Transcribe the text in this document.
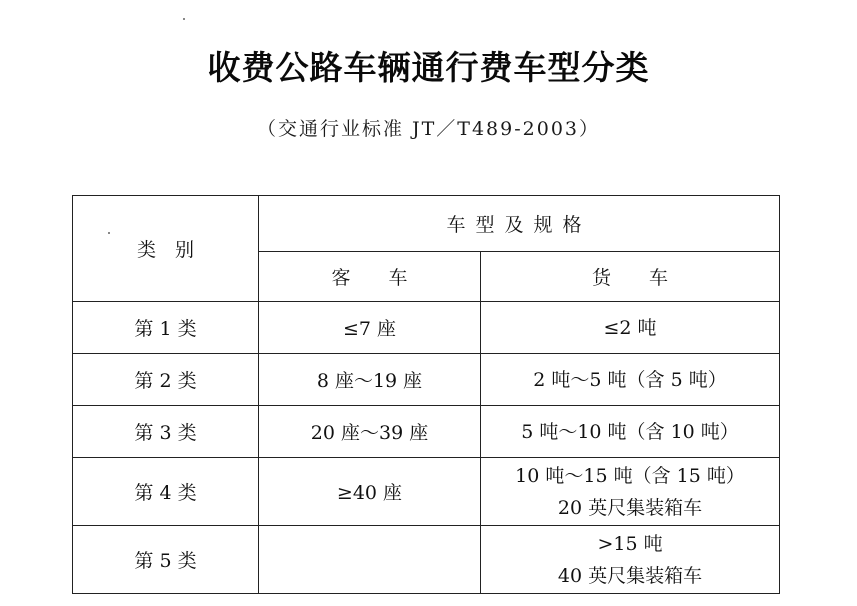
收费公路车辆通行费车型分类
（交通行业标准 JT／T489-2003）
类　别	车型及规格	
	客　　车	货　　车
第 1 类	≤7 座	≤2 吨

第 2 类	8 座～19 座	2 吨～5 吨（含 5 吨）

第 3 类	20 座～39 座	5 吨～10 吨（含 10 吨）

第 4 类	≥40 座	10 吨～15 吨（含 15 吨）
20 英尺集装箱车

第 5 类		>15 吨
40 英尺集装箱车
